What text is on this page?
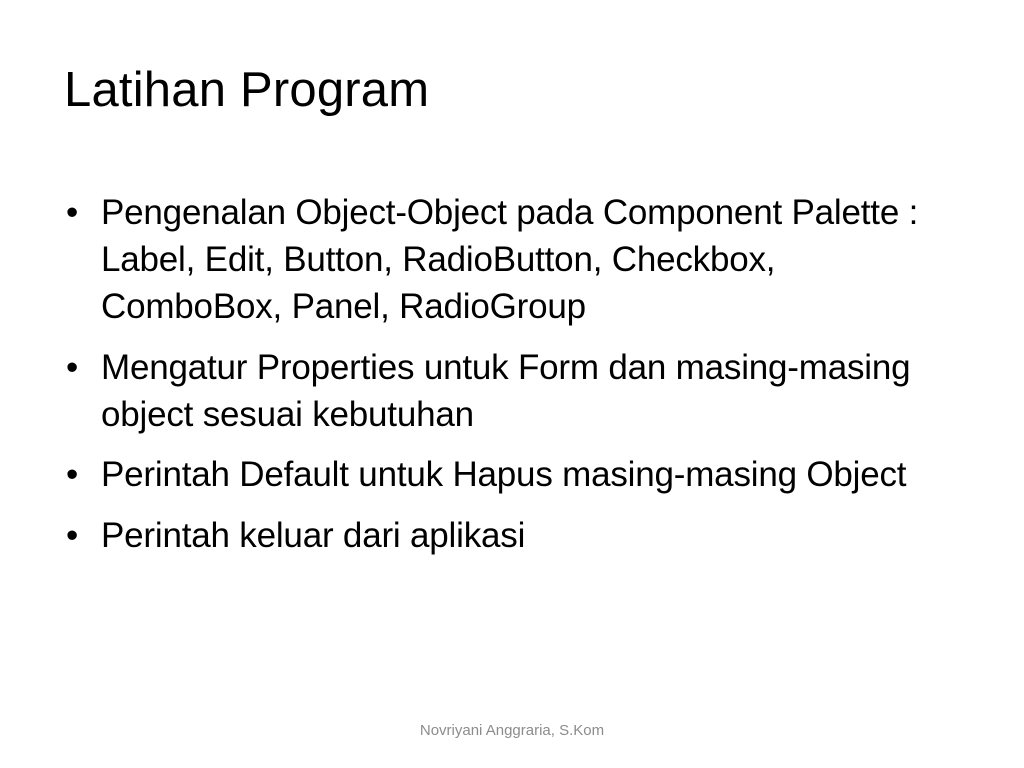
Latihan Program
• Pengenalan Object-Object pada Component Palette : Label, Edit, Button, RadioButton, Checkbox, ComboBox, Panel, RadioGroup
• Mengatur Properties untuk Form dan masing-masing object sesuai kebutuhan
• Perintah Default untuk Hapus masing-masing Object
• Perintah keluar dari aplikasi
Novriyani Anggraria, S.Kom
